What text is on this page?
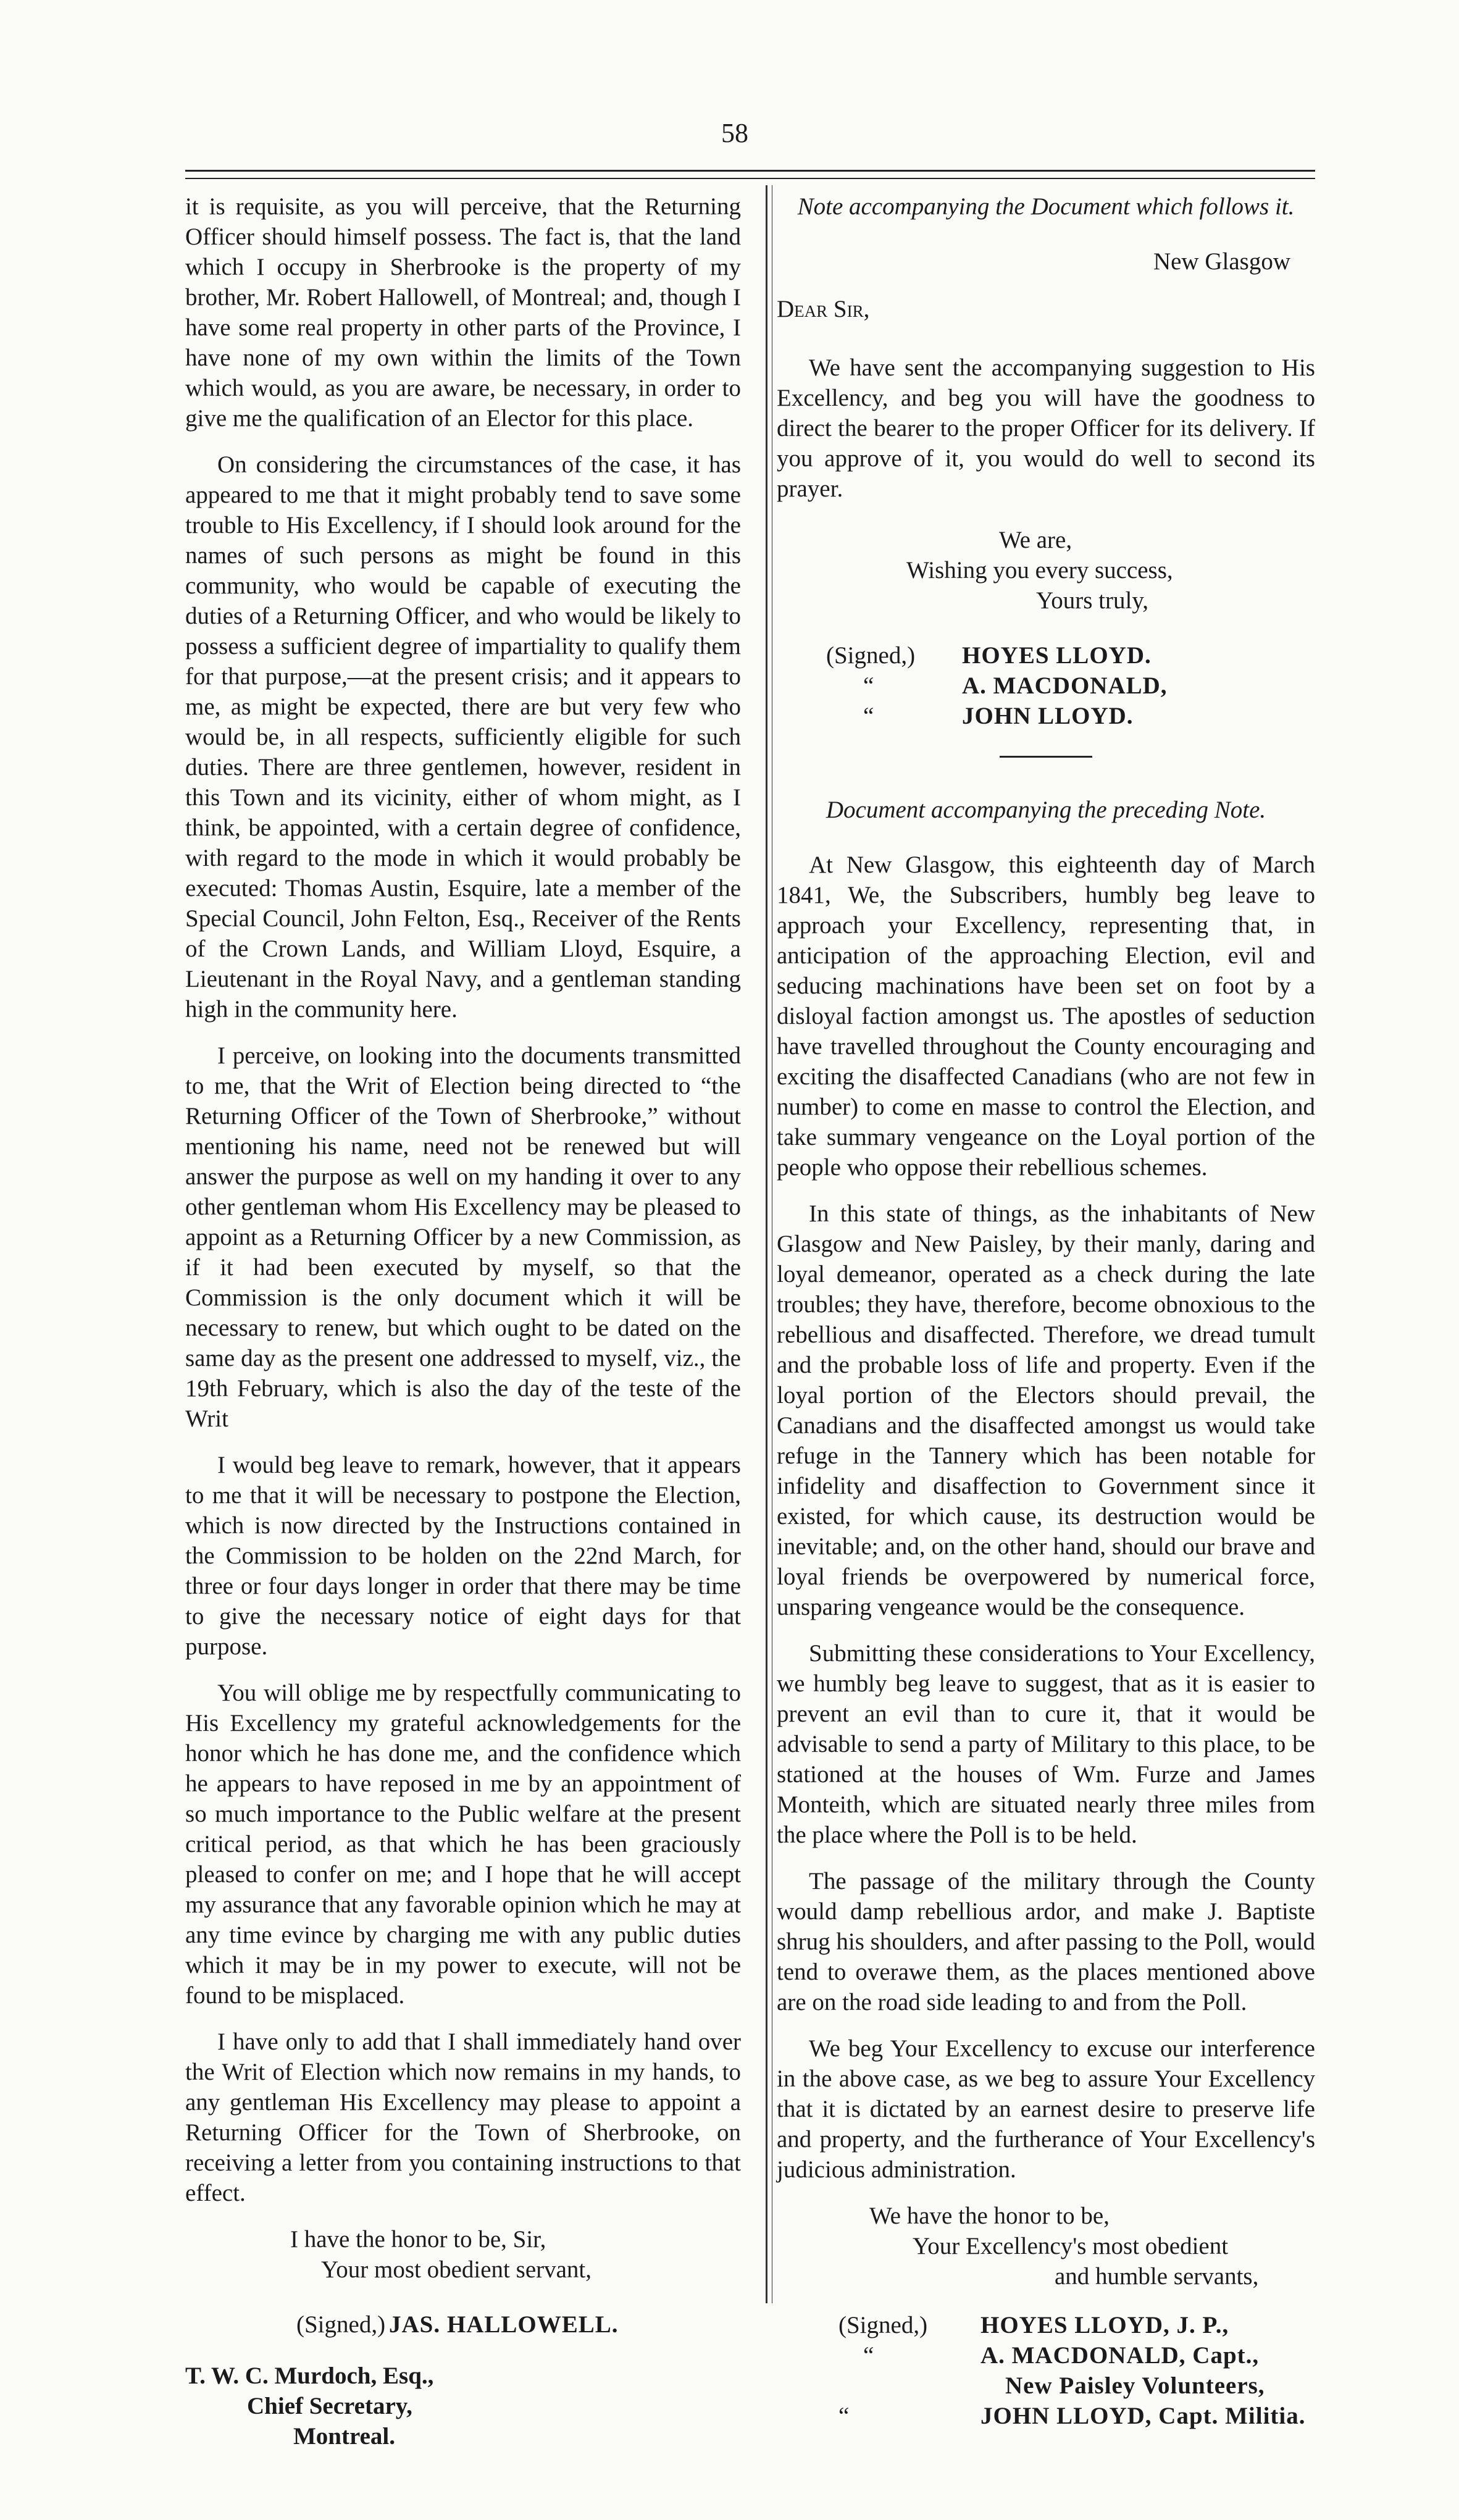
58

it is requisite, as you will perceive, that the Returning Officer should himself possess. The fact is, that the land which I occupy in Sherbrooke is the property of my brother, Mr. Robert Hallowell, of Montreal; and, though I have some real property in other parts of the Province, I have none of my own within the limits of the Town which would, as you are aware, be necessary, in order to give me the qualification of an Elector for this place.

On considering the circumstances of the case, it has appeared to me that it might probably tend to save some trouble to His Excellency, if I should look around for the names of such persons as might be found in this community, who would be capable of executing the duties of a Returning Officer, and who would be likely to possess a sufficient degree of impartiality to qualify them for that purpose,—at the present crisis; and it appears to me, as might be expected, there are but very few who would be, in all respects, sufficiently eligible for such duties. There are three gentlemen, however, resident in this Town and its vicinity, either of whom might, as I think, be appointed, with a certain degree of confidence, with regard to the mode in which it would probably be executed: Thomas Austin, Esquire, late a member of the Special Council, John Felton, Esq., Receiver of the Rents of the Crown Lands, and William Lloyd, Esquire, a Lieutenant in the Royal Navy, and a gentleman standing high in the community here.

I perceive, on looking into the documents transmitted to me, that the Writ of Election being directed to “the Returning Officer of the Town of Sherbrooke,” without mentioning his name, need not be renewed but will answer the purpose as well on my handing it over to any other gentleman whom His Excellency may be pleased to appoint as a Returning Officer by a new Commission, as if it had been executed by myself, so that the Commission is the only document which it will be necessary to renew, but which ought to be dated on the same day as the present one addressed to myself, viz., the 19th February, which is also the day of the teste of the Writ

I would beg leave to remark, however, that it appears to me that it will be necessary to postpone the Election, which is now directed by the Instructions contained in the Commission to be holden on the 22nd March, for three or four days longer in order that there may be time to give the necessary notice of eight days for that purpose.

You will oblige me by respectfully communicating to His Excellency my grateful acknowledgements for the honor which he has done me, and the confidence which he appears to have reposed in me by an appointment of so much importance to the Public welfare at the present critical period, as that which he has been graciously pleased to confer on me; and I hope that he will accept my assurance that any favorable opinion which he may at any time evince by charging me with any public duties which it may be in my power to execute, will not be found to be misplaced.

I have only to add that I shall immediately hand over the Writ of Election which now remains in my hands, to any gentleman His Excellency may please to appoint a Returning Officer for the Town of Sherbrooke, on receiving a letter from you containing instructions to that effect.

I have the honor to be, Sir,

Your most obedient servant,

(Signed,) JAS. HALLOWELL.

T. W. C. Murdoch, Esq.,

Chief Secretary,

Montreal.

Note accompanying the Document which follows it.

New Glasgow

Dear Sir,

We have sent the accompanying suggestion to His Excellency, and beg you will have the goodness to direct the bearer to the proper Officer for its delivery. If you approve of it, you would do well to second its prayer.

We are,

Wishing you every success,

Yours truly,

(Signed,)	HOYES LLOYD.
“	A. MACDONALD,
“	JOHN LLOYD.

Document accompanying the preceding Note.

At New Glasgow, this eighteenth day of March 1841, We, the Subscribers, humbly beg leave to approach your Excellency, representing that, in anticipation of the approaching Election, evil and seducing machinations have been set on foot by a disloyal faction amongst us. The apostles of seduction have travelled throughout the County encouraging and exciting the disaffected Canadians (who are not few in number) to come en masse to control the Election, and take summary vengeance on the Loyal portion of the people who oppose their rebellious schemes.

In this state of things, as the inhabitants of New Glasgow and New Paisley, by their manly, daring and loyal demeanor, operated as a check during the late troubles; they have, therefore, become obnoxious to the rebellious and disaffected. Therefore, we dread tumult and the probable loss of life and property. Even if the loyal portion of the Electors should prevail, the Canadians and the disaffected amongst us would take refuge in the Tannery which has been notable for infidelity and disaffection to Government since it existed, for which cause, its destruction would be inevitable; and, on the other hand, should our brave and loyal friends be overpowered by numerical force, unsparing vengeance would be the consequence.

Submitting these considerations to Your Excellency, we humbly beg leave to suggest, that as it is easier to prevent an evil than to cure it, that it would be advisable to send a party of Military to this place, to be stationed at the houses of Wm. Furze and James Monteith, which are situated nearly three miles from the place where the Poll is to be held.

The passage of the military through the County would damp rebellious ardor, and make J. Baptiste shrug his shoulders, and after passing to the Poll, would tend to overawe them, as the places mentioned above are on the road side leading to and from the Poll.

We beg Your Excellency to excuse our interference in the above case, as we beg to assure Your Excellency that it is dictated by an earnest desire to preserve life and property, and the furtherance of Your Excellency's judicious administration.

We have the honor to be,

Your Excellency's most obedient

and humble servants,

(Signed,)	HOYES LLOYD, J. P.,
“	A. MACDONALD, Capt.,
New Paisley Volunteers,
“	JOHN LLOYD, Capt. Militia.
